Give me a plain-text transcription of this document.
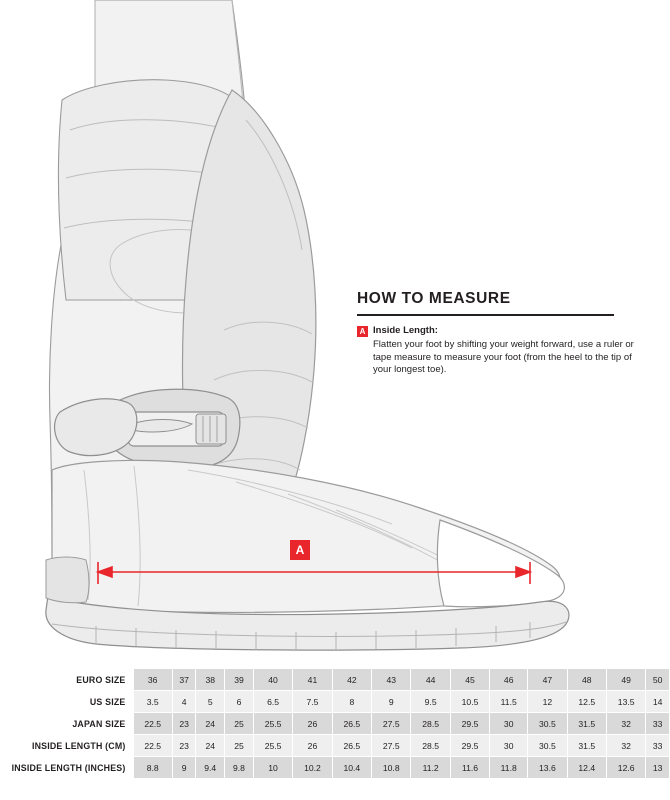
A
HOW TO MEASURE
A Inside Length:
Flatten your foot by shifting your weight forward, use a ruler or tape measure to measure your foot (from the heel to the tip of your longest toe).
EURO SIZE	36	37	38	39	40	41	42	43	44	45	46	47	48	49	50
US SIZE	3.5	4	5	6	6.5	7.5	8	9	9.5	10.5	11.5	12	12.5	13.5	14
JAPAN SIZE	22.5	23	24	25	25.5	26	26.5	27.5	28.5	29.5	30	30.5	31.5	32	33
INSIDE LENGTH (CM)	22.5	23	24	25	25.5	26	26.5	27.5	28.5	29.5	30	30.5	31.5	32	33
INSIDE LENGTH (INCHES)	8.8	9	9.4	9.8	10	10.2	10.4	10.8	11.2	11.6	11.8	13.6	12.4	12.6	13
